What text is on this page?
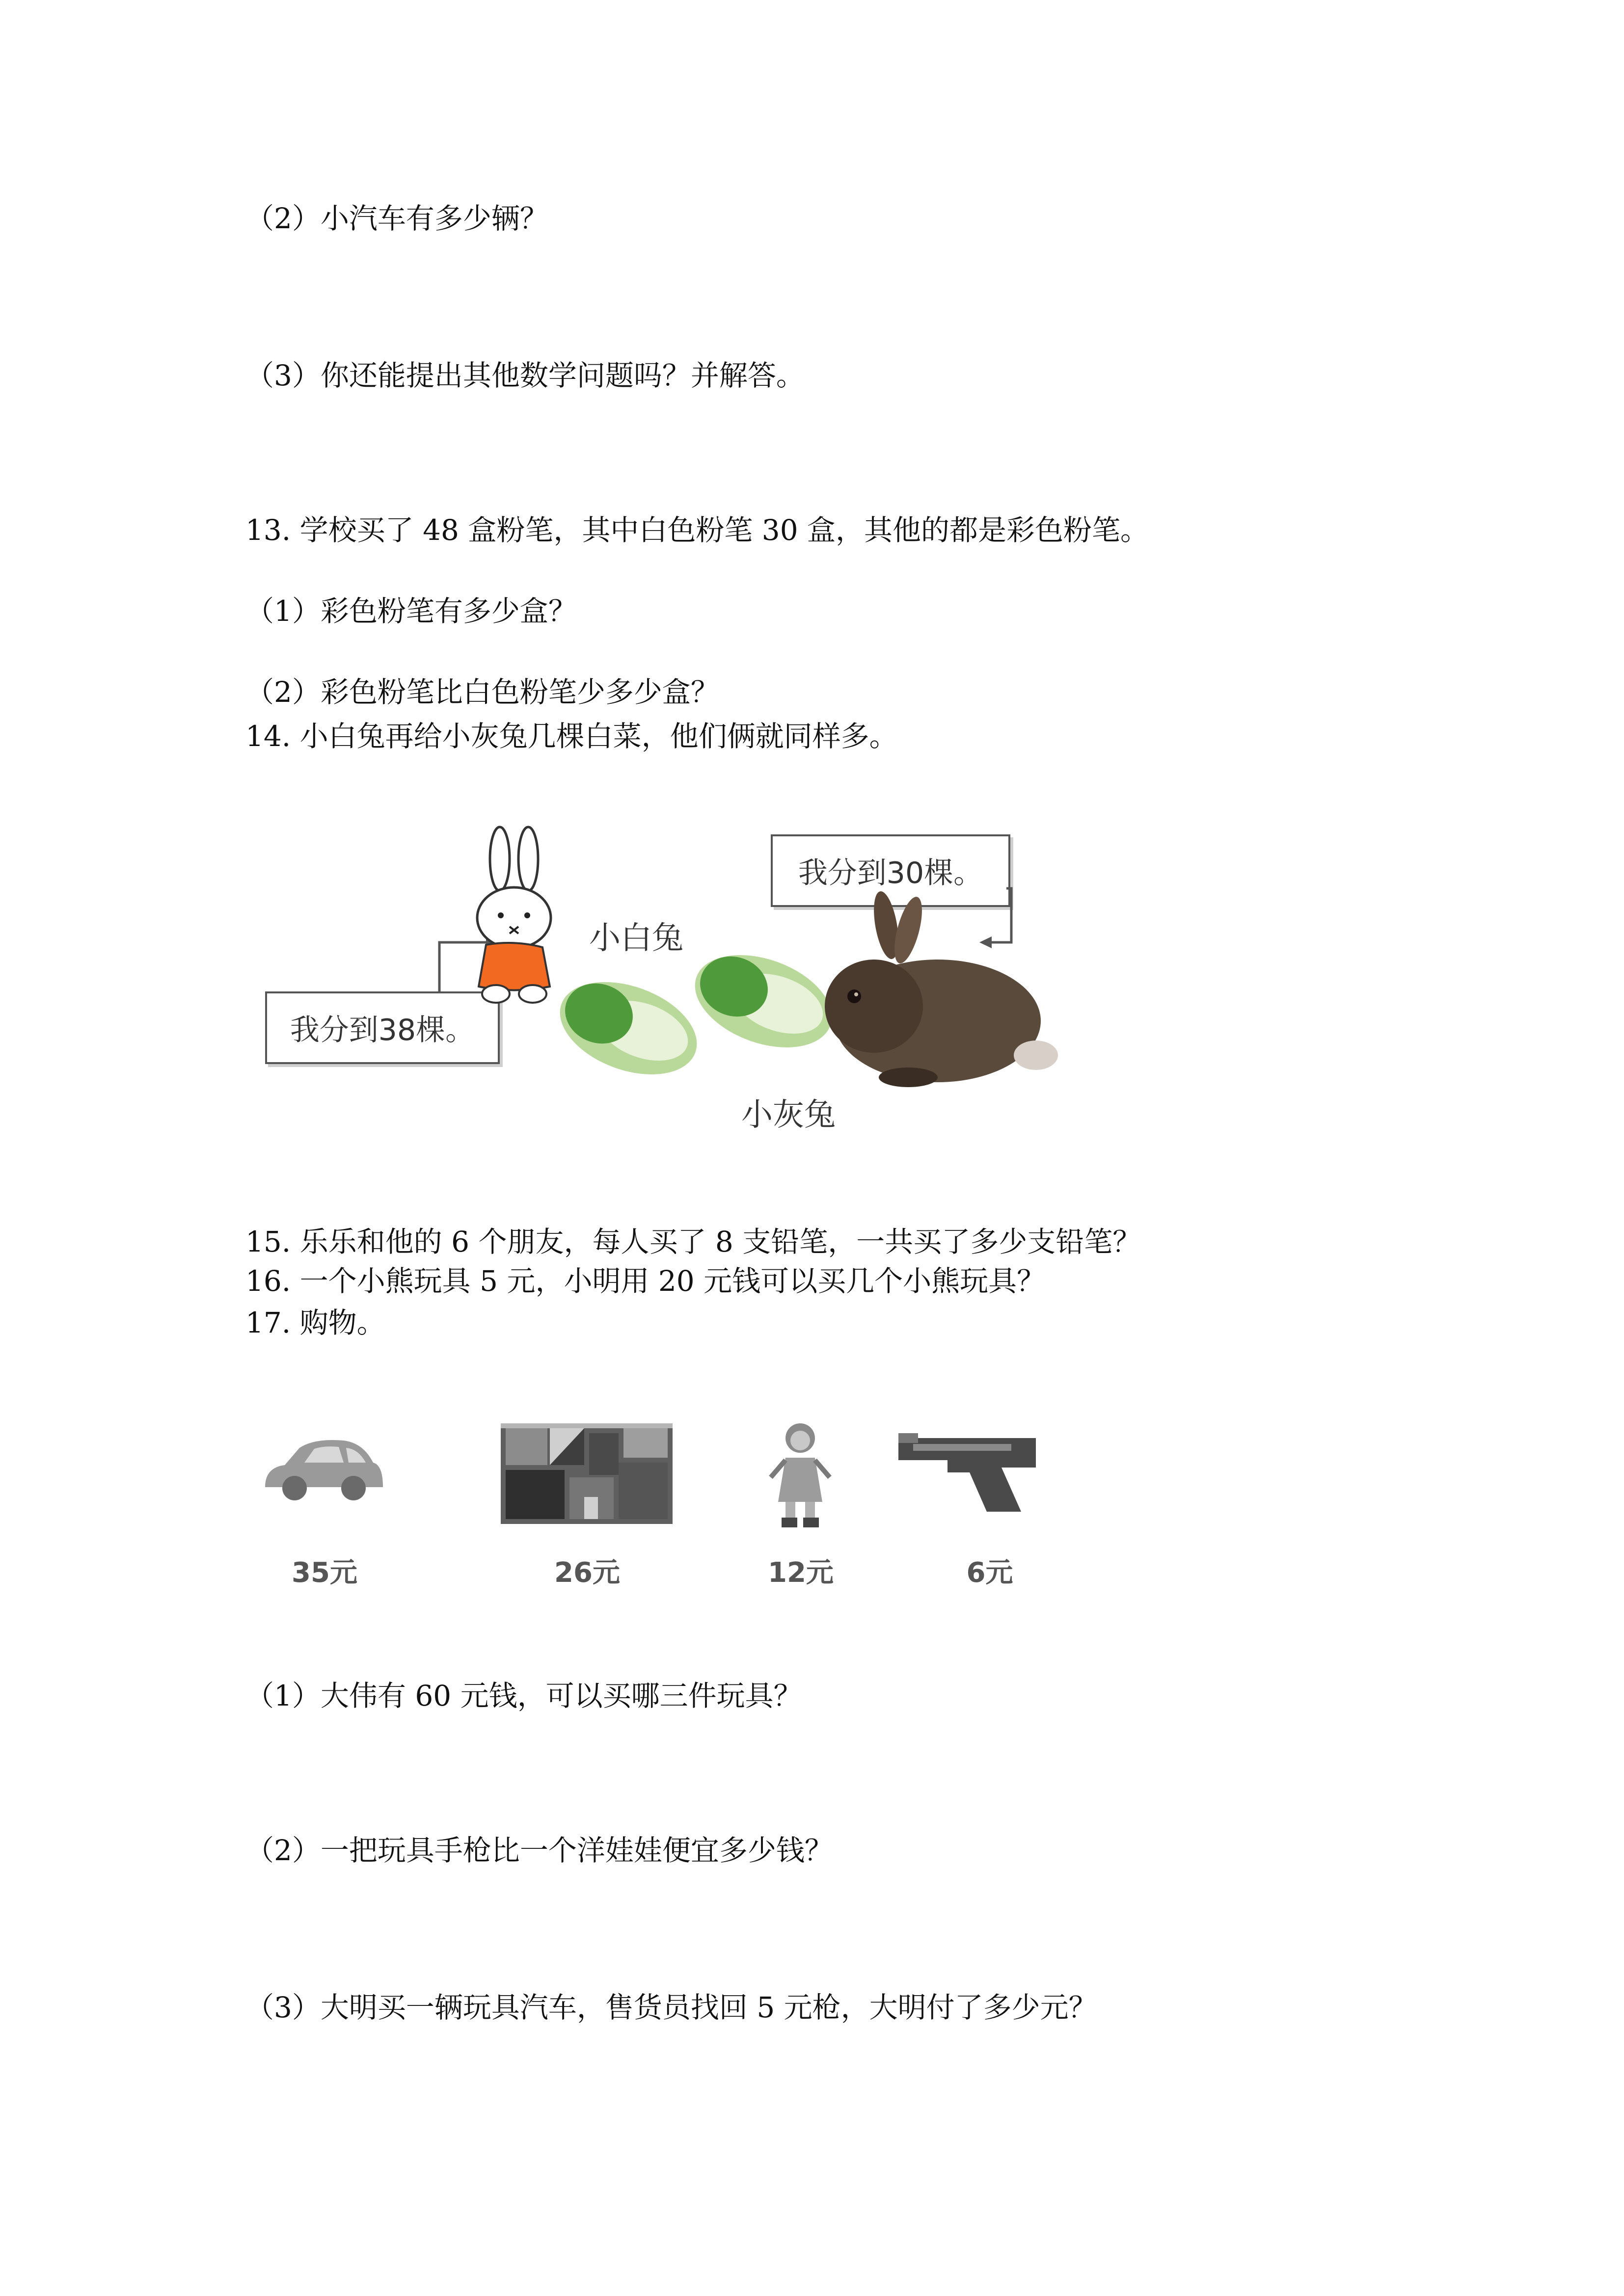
（2）小汽车有多少辆？
（3）你还能提出其他数学问题吗？并解答。
13. 学校买了 48 盒粉笔，其中白色粉笔 30 盒，其他的都是彩色粉笔。
（1）彩色粉笔有多少盒？
（2）彩色粉笔比白色粉笔少多少盒？
14. 小白兔再给小灰兔几棵白菜，他们俩就同样多。
我分到38棵。
我分到30棵。
小白兔
小灰兔
15. 乐乐和他的 6 个朋友，每人买了 8 支铅笔，一共买了多少支铅笔？
16. 一个小熊玩具 5 元，小明用 20 元钱可以买几个小熊玩具？
17. 购物。
35元	26元	12元	6元
（1）大伟有 60 元钱，可以买哪三件玩具？
（2）一把玩具手枪比一个洋娃娃便宜多少钱？
（3）大明买一辆玩具汽车，售货员找回 5 元枪，大明付了多少元？
